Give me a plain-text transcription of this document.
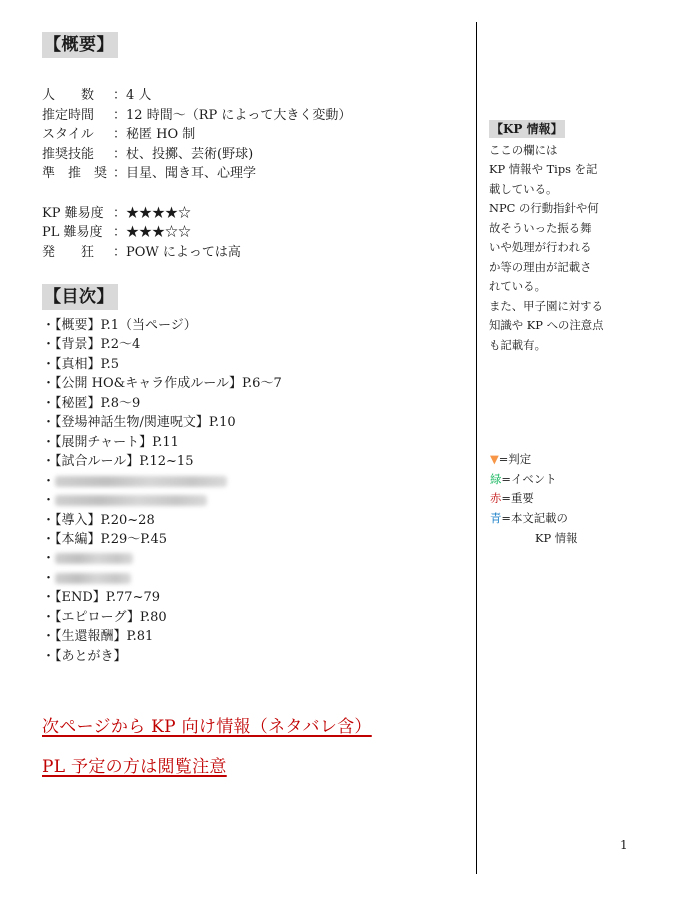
【概要】
人　　数 ：4 人
推定時間 ：12 時間～（RP によって大きく変動）
スタイル ：秘匿 HO 制
推奨技能 ：杖、投擲、芸術(野球)
準　推　奨 ：目星、聞き耳、心理学
KP 難易度 ：★★★★☆
PL 難易度 ：★★★☆☆
発　　狂 ：POW によっては高
【目次】
・【概要】P.1（当ページ）
・【背景】P.2～4
・【真相】P.5
・【公開 HO&キャラ作成ルール】P.6～7
・【秘匿】P.8～9
・【登場神話生物/関連呪文】P.10
・【展開チャート】P.11
・【試合ルール】P.12~15
・
・
・【導入】P.20~28
・【本編】P.29～P.45
・
・
・【END】P.77~79
・【エピローグ】P.80
・【生還報酬】P.81
・【あとがき】
次ページから KP 向け情報（ネタバレ含）
PL 予定の方は閲覧注意
【KP 情報】
ここの欄には
KP 情報や Tips を記
載している。
NPC の行動指針や何
故そういった振る舞
いや処理が行われる
か等の理由が記載さ
れている。
また、甲子園に対する
知識や KP への注意点
も記載有。
▼=判定
緑=イベント
赤=重要
青=本文記載の
KP 情報
1
